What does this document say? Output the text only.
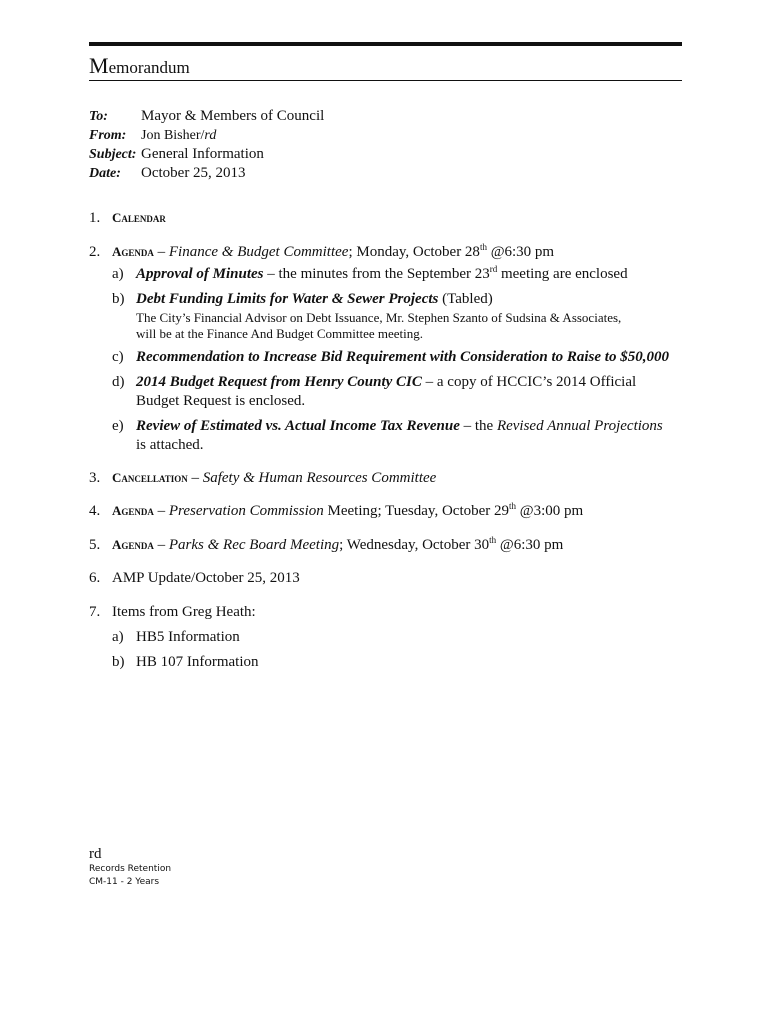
Memorandum
To: Mayor & Members of Council
From: Jon Bisher/rd
Subject: General Information
Date: October 25, 2013
1. Calendar
2. Agenda – Finance & Budget Committee; Monday, October 28th @6:30 pm
a) Approval of Minutes – the minutes from the September 23rd meeting are enclosed
b) Debt Funding Limits for Water & Sewer Projects (Tabled)
The City’s Financial Advisor on Debt Issuance, Mr. Stephen Szanto of Sudsina & Associates,
will be at the Finance And Budget Committee meeting.
c) Recommendation to Increase Bid Requirement with Consideration to Raise to $50,000
d) 2014 Budget Request from Henry County CIC – a copy of HCCIC’s 2014 Official
Budget Request is enclosed.
e) Review of Estimated vs. Actual Income Tax Revenue – the Revised Annual Projections
is attached.
3. Cancellation – Safety & Human Resources Committee
4. Agenda – Preservation Commission Meeting; Tuesday, October 29th @3:00 pm
5. Agenda – Parks & Rec Board Meeting; Wednesday, October 30th @6:30 pm
6. AMP Update/October 25, 2013
7. Items from Greg Heath:
a) HB5 Information
b) HB 107 Information
rd
Records Retention
CM-11 - 2 Years
